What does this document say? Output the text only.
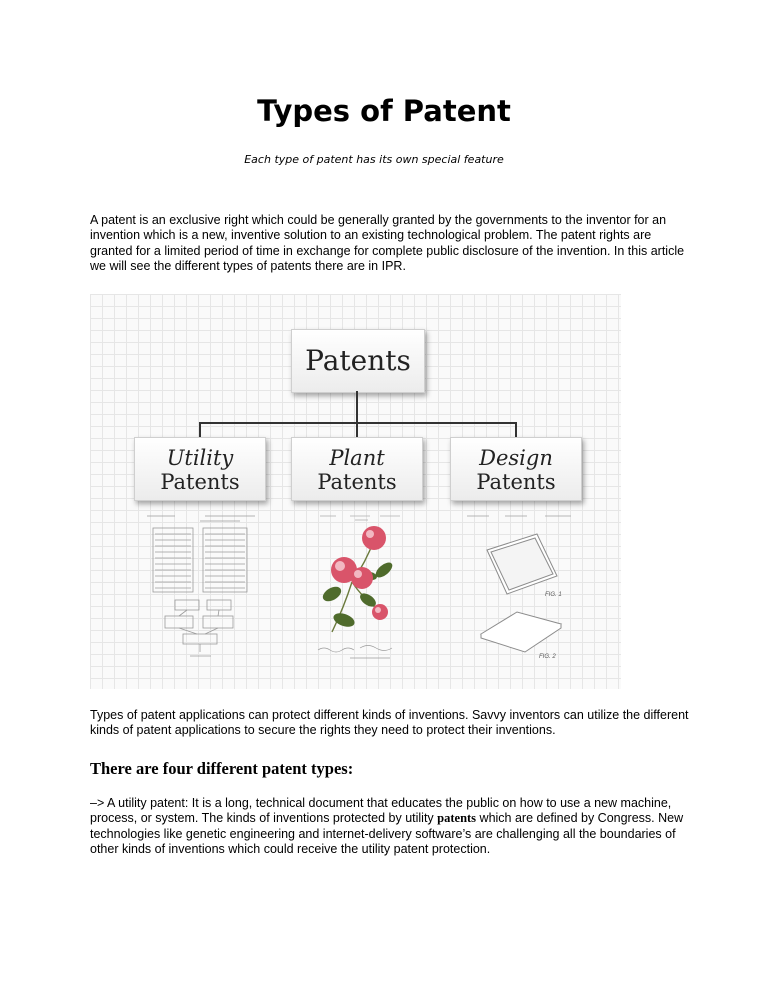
Types of Patent
Each type of patent has its own special feature
A patent is an exclusive right which could be generally granted by the governments to the inventor for an invention which is a new, inventive solution to an existing technological problem. The patent rights are granted for a limited period of time in exchange for complete public disclosure of the invention. In this article we will see the different types of patents there are in IPR.
Patents
Utility
Patents
Plant
Patents
Design
Patents
FIG. 1
FIG. 2
Types of patent applications can protect different kinds of inventions. Savvy inventors can utilize the different kinds of patent applications to secure the rights they need to protect their inventions.
There are four different patent types:
–> A utility patent: It is a long, technical document that educates the public on how to use a new machine, process, or system. The kinds of inventions protected by utility patents which are defined by Congress. New technologies like genetic engineering and internet-delivery software’s are challenging all the boundaries of other kinds of inventions which could receive the utility patent protection.
